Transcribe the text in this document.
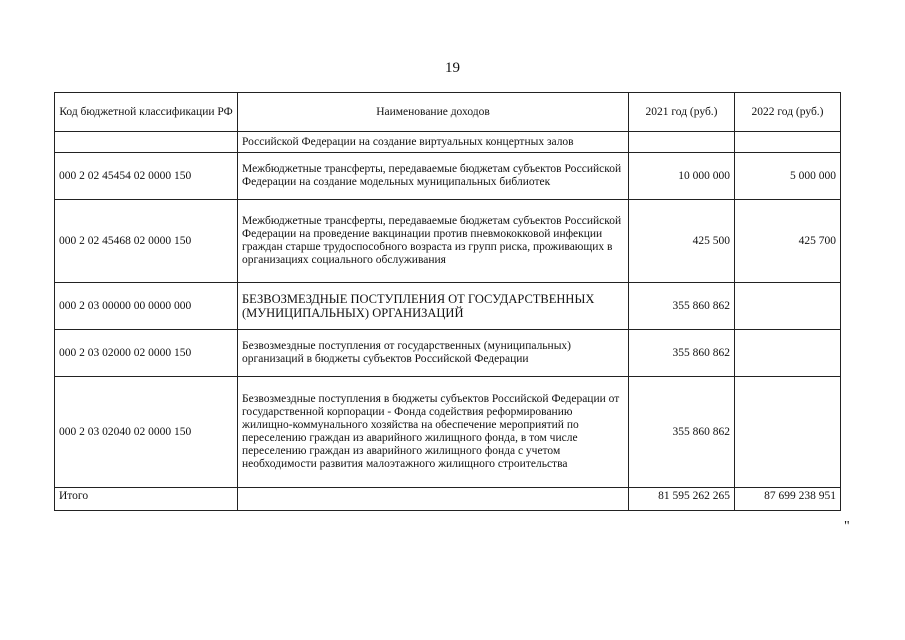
19
Код бюджетной классификации РФ	Наименование доходов	2021 год (руб.)	2022 год (руб.)
	Российской Федерации на создание виртуальных концертных залов		
000 2 02 45454 02 0000 150	Межбюджетные трансферты, передаваемые бюджетам субъектов Российской Федерации на создание модельных муниципальных библиотек	10 000 000	5 000 000
000 2 02 45468 02 0000 150	Межбюджетные трансферты, передаваемые бюджетам субъектов Российской Федерации на проведение вакцинации против пневмококковой инфекции граждан старше трудоспособного возраста из групп риска, проживающих в организациях социального обслуживания	425 500	425 700
000 2 03 00000 00 0000 000	БЕЗВОЗМЕЗДНЫЕ ПОСТУПЛЕНИЯ ОТ ГОСУДАРСТВЕННЫХ (МУНИЦИПАЛЬНЫХ) ОРГАНИЗАЦИЙ	355 860 862	
000 2 03 02000 02 0000 150	Безвозмездные поступления от государственных (муниципальных) организаций в бюджеты субъектов Российской Федерации	355 860 862	
000 2 03 02040 02 0000 150	Безвозмездные поступления в бюджеты субъектов Российской Федерации от государственной корпорации - Фонда содействия реформированию жилищно-коммунального хозяйства на обеспечение мероприятий по переселению граждан из аварийного жилищного фонда, в том числе переселению граждан из аварийного жилищного фонда с учетом необходимости развития малоэтажного жилищного строительства	355 860 862	
Итого		81 595 262 265	87 699 238 951
"
